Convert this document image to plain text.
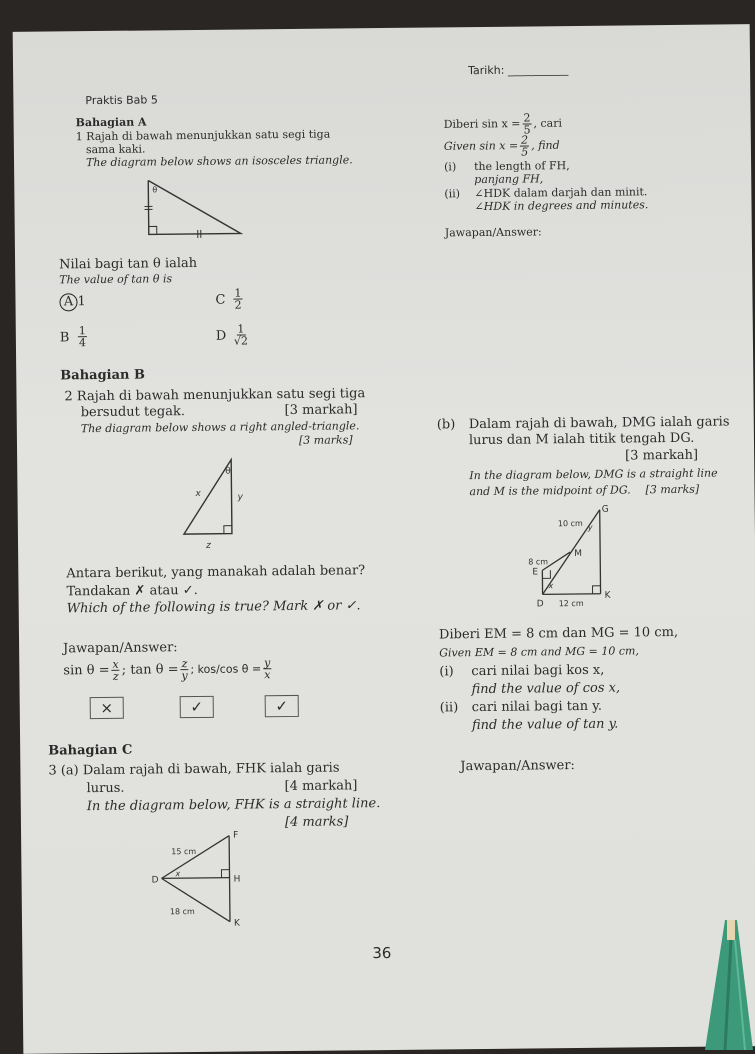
Tarikh: ___________
Praktis Bab 5
Bahagian A
1 Rajah di bawah menunjukkan satu segi tiga
sama kaki.
The diagram below shows an isosceles triangle.
θ
Nilai bagi tan θ ialah
The value of tan θ is
A 1	C $\frac{1}{2}$
B $\frac{1}{4}$	D $\frac{1}{√2}$
Diberi $\sin x = \frac{2}{5}$ , cari
Given $\sin x = \frac{2}{5}$ , find
(i) the length of FH,
panjang FH,
(ii) ∠HDK dalam darjah dan minit.
∠HDK in degrees and minutes.
Jawapan/Answer:
Bahagian B
2 Rajah di bawah menunjukkan satu segi tiga
bersudut tegak.	[3 markah]
The diagram below shows a right angled-triangle.
[3 marks]
θ
x	y
z
Antara berikut, yang manakah adalah benar?
Tandakan ✗ atau ✓.
Which of the following is true? Mark ✗ or ✓.
Jawapan/Answer:
$\sin \theta = \frac{x}{z}$ ; $\tan \theta = \frac{z}{y}$ ; kos/cos $\theta = \frac{y}{x}$
×	✓	✓
(b) Dalam rajah di bawah, DMG ialah garis
lurus dan M ialah titik tengah DG.
[3 markah]
In the diagram below, DMG is a straight line
and M is the midpoint of DG. [3 marks]
G
10 cm y
8 cm
M
E
x
D 12 cm
K
Diberi EM = 8 cm dan MG = 10 cm,
Given EM = 8 cm and MG = 10 cm,
(i) cari nilai bagi kos x,
find the value of cos x,
(ii) cari nilai bagi tan y.
find the value of tan y.
Bahagian C
3 (a) Dalam rajah di bawah, FHK ialah garis
lurus.	[4 markah]
In the diagram below, FHK is a straight line.
[4 marks]
F
15 cm
D
x
H
18 cm
K
Jawapan/Answer:
36
